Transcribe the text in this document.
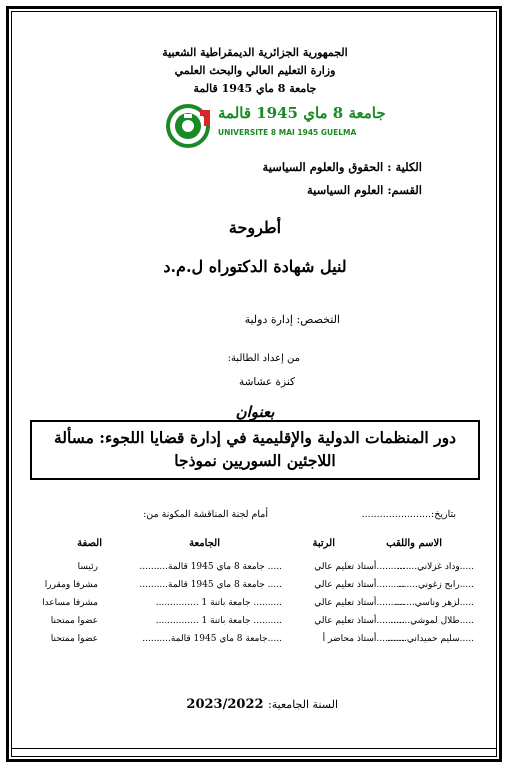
الجمهورية الجزائرية الديمقراطية الشعبية
وزارة التعليم العالي والبحث العلمي
جامعة 8 ماي 1945 قالمة
جامعة 8 ماي 1945 قالمة
UNIVERSITE 8 MAI 1945 GUELMA
الكلية : الحقوق والعلوم السياسية
القسم: العلوم السياسية
أطروحة
لنيل شهادة الدكتوراه ل.م.د
التخصص: إدارة دولية
من إعداد الطالبة:
كنزة عشاشة
بعنوان
دور المنظمات الدولية والإقليمية في إدارة قضايا اللجوء: مسألة
اللاجئين السوريين نموذجا
بتاريخ:.......................
أمام لجنة المناقشة المكونة من:
الاسم واللقب
الرتبة
الجامعة
الصفة
.....وداد غزلاني.......
..........أستاذ تعليم عالي
..... جامعة 8 ماي 1945 قالمة..........
رئيسا
.....رابح زغوني.......
..........أستاذ تعليم عالي
..... جامعة 8 ماي 1945 قالمة..........
مشرفا ومقررا
.....لزهر وناسي.......
..........أستاذ تعليم عالي
.......... جامعة باتنة 1 ...............
مشرفا مساعدا
.....طلال لموشي.......
..........أستاذ تعليم عالي
.......... جامعة باتنة 1 ...............
عضوا ممتحنا
.....سليم حميداني.......
..........أستاذ محاضر أ
.....جامعة 8 ماي 1945 قالمة..........
عضوا ممتحنا
السنة الجامعية: 2023/2022
